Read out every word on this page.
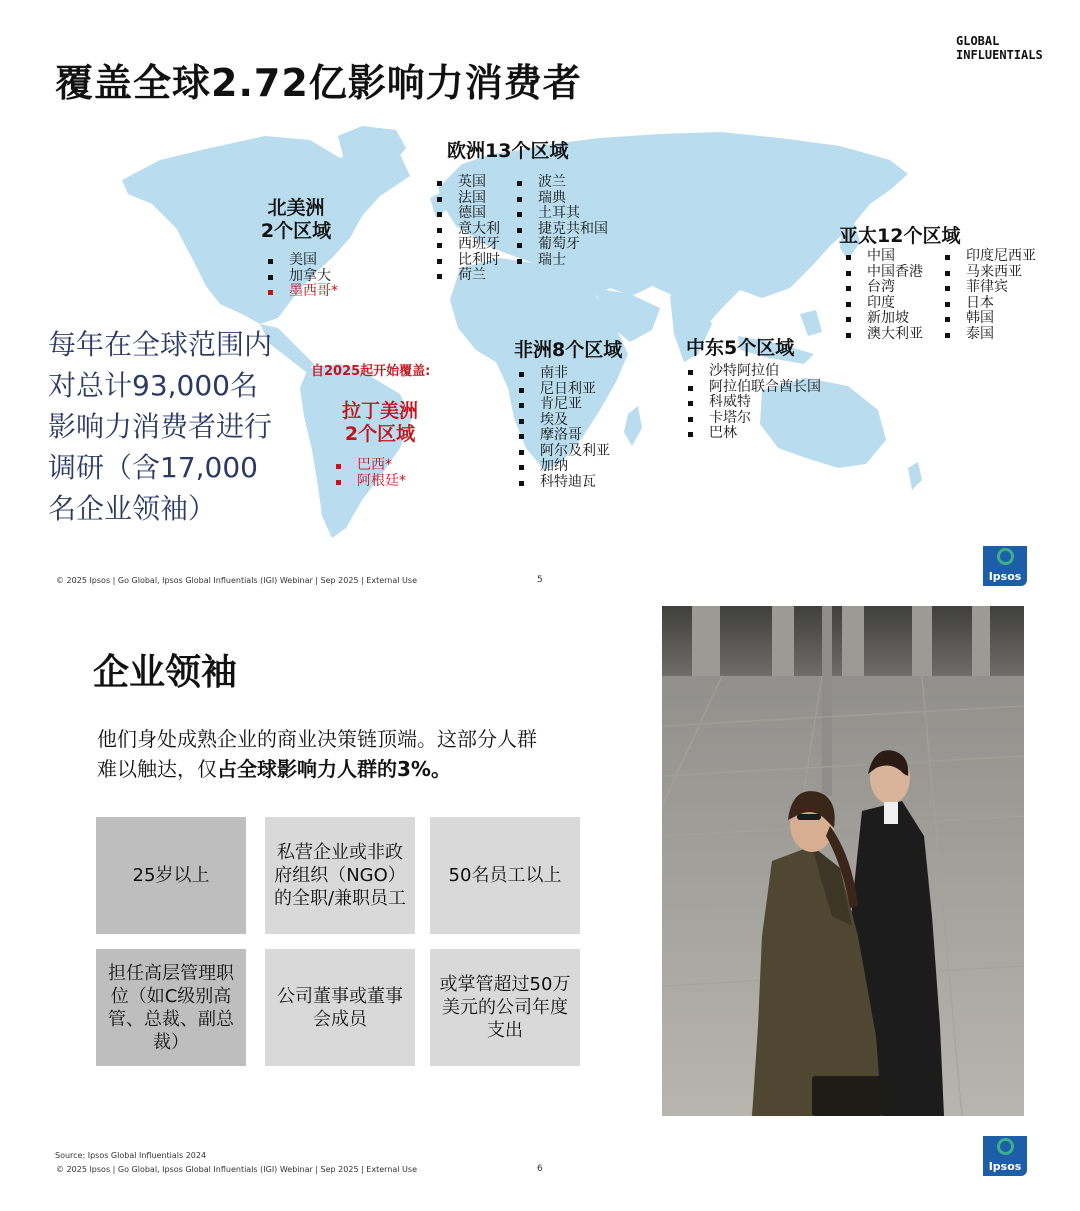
覆盖全球2.72亿影响力消费者
GLOBAL
INFLUENTIALS
北美洲
2个区域
美国
加拿大
墨西哥*
欧洲13个区域
英国
法国
德国
意大利
西班牙
比利时
荷兰
波兰
瑞典
土耳其
捷克共和国
葡萄牙
瑞士
亚太12个区域
中国
中国香港
台湾
印度
新加坡
澳大利亚
印度尼西亚
马来西亚
菲律宾
日本
韩国
泰国
自2025起开始覆盖:
拉丁美洲
2个区域
巴西*
阿根廷*
非洲8个区域
南非
尼日利亚
肯尼亚
埃及
摩洛哥
阿尔及利亚
加纳
科特迪瓦
中东5个区域
沙特阿拉伯
阿拉伯联合酋长国
科威特
卡塔尔
巴林
每年在全球范围内
对总计93,000名
影响力消费者进行
调研（含17,000
名企业领袖）
© 2025 Ipsos | Go Global, Ipsos Global Influentials (IGI) Webinar | Sep 2025 | External Use	5	Ipsos
企业领袖
他们身处成熟企业的商业决策链顶端。这部分人群难以触达，仅占全球影响力人群的3%。
25岁以上
私营企业或非政府组织（NGO）的全职/兼职员工
50名员工以上
担任高层管理职位（如C级别高管、总裁、副总裁）
公司董事或董事会成员
或掌管超过50万美元的公司年度支出
Source: Ipsos Global Influentials 2024
© 2025 Ipsos | Go Global, Ipsos Global Influentials (IGI) Webinar | Sep 2025 | External Use	6	Ipsos
